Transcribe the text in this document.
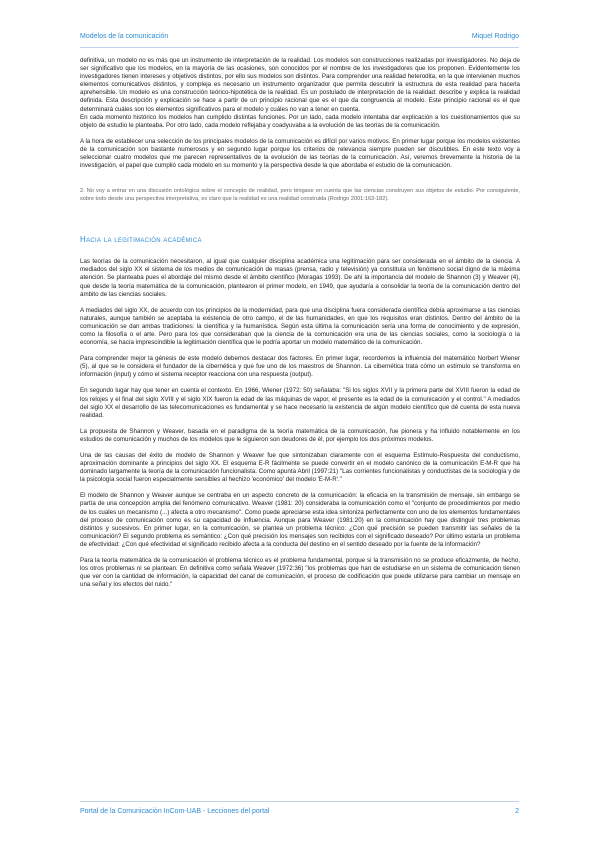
Modelos de la comunicación	Miquel Rodrigo

definitiva, un modelo no es más que un instrumento de interpretación de la realidad. Los modelos son construcciones realizadas por investigadores. No deja de ser significativo que los modelos, en la mayoría de las ocasiones, son conocidos por el nombre de los investigadores que los proponen. Evidentemente los investigadores tienen intereses y objetivos distintos, por ello sus modelos son distintos. Para comprender una realidad heterodita, en la que intervienen muchos elementos comunicativos distintos, y compleja es necesario un instrumento organizador que permita descubrir la estructura de esta realidad para hacerla aprehensible. Un modelo es una construcción teórico-hipotética de la realidad. Es un postulado de interpretación de la realidad: describe y explica la realidad definida. Esta descripción y explicación se hace a partir de un principio racional que es el que da congruencia al modelo. Este principio racional es el que determinará cuáles son los elementos significativos para el modelo y cuáles no van a tener en cuenta.

En cada momento histórico los modelos han cumplido distintas funciones. Por un lado, cada modelo intentaba dar explicación a los cuestionamientos que su objeto de estudio le planteaba. Por otro lado, cada modelo reflejaba y coadyuvaba a la evolución de las teorías de la comunicación.

A la hora de establecer una selección de los principales modelos de la comunicación es difícil por varios motivos. En primer lugar porque los modelos existentes de la comunicación son bastante numerosos y en segundo lugar porque los criterios de relevancia siempre pueden ser discutibles. En este texto voy a seleccionar cuatro modelos que me parecen representativos de la evolución de las teorías de la comunicación. Así, veremos brevemente la historia de la investigación, el papel que cumplió cada modelo en su momento y la perspectiva desde la que abordaba el estudio de la comunicación.

2. No voy a entrar en una discusión ontológica sobre el concepto de realidad, pero téngase en cuenta que las ciencias construyen sus objetos de estudio. Por consiguiente, sobre todo desde una perspectiva interpretativa, es claro que la realidad es una realidad construida (Rodrigo 2001:163-182).
Hacia la legitimación académica

Las teorías de la comunicación necesitaron, al igual que cualquier disciplina académica una legitimación para ser considerada en el ámbito de la ciencia. A mediados del siglo XX el sistema de los medios de comunicación de masas (prensa, radio y televisión) ya constituía un fenómeno social digno de la máxima atención. Se planteaba pues el abordaje del mismo desde el ámbito científico (Moragas 1993). De ahí la importancia del modelo de Shannon (3) y Weaver (4), que desde la teoría matemática de la comunicación, plantearon el primer modelo, en 1949, que ayudaría a consolidar la teoría de la comunicación dentro del ámbito de las ciencias sociales.

A mediados del siglo XX, de acuerdo con los principios de la modernidad, para que una disciplina fuera considerada científica debía aproximarse a las ciencias naturales, aunque también se aceptaba la existencia de otro campo, el de las humanidades, en que los requisitos eran distintos. Dentro del ámbito de la comunicación se dan ambas tradiciones: la científica y la humanística. Según esta última la comunicación sería una forma de conocimiento y de expresión, como la filosofía o el arte. Pero para los que consideraban que la ciencia de la comunicación era una de las ciencias sociales, como la sociología o la economía, se hacía imprescindible la legitimación científica que le podría aportar un modelo matemático de la comunicación.

Para comprender mejor la génesis de este modelo debemos destacar dos factores. En primer lugar, recordemos la influencia del matemático Norbert Wiener (5), al que se le considera el fundador de la cibernética y que fue uno de los maestros de Shannon. La cibernética trata cómo un estímulo se transforma en información (input) y cómo el sistema receptor reacciona con una respuesta (output).

En segundo lugar hay que tener en cuenta el contexto. En 1966, Wiener (1972: 50) señalaba: "Si los siglos XVII y la primera parte del XVIII fueron la edad de los relojes y el final del siglo XVIII y el siglo XIX fueron la edad de las máquinas de vapor, el presente es la edad de la comunicación y el control." A mediados del siglo XX el desarrollo de las telecomunicaciones es fundamental y se hace necesario la existencia de algún modelo científico que dé cuenta de esta nueva realidad.

La propuesta de Shannon y Weaver, basada en el paradigma de la teoría matemática de la comunicación, fue pionera y ha influido notablemente en los estudios de comunicación y muchos de los modelos que le siguieron son deudores de él, por ejemplo los dos próximos modelos.

Una de las causas del éxito de modelo de Shannon y Weaver fue que sintonizaban claramente con el esquema Estímulo-Respuesta del conductismo, aproximación dominante a principios del siglo XX. El esquema E-R fácilmente se puede convertir en el modelo canónico de la comunicación E-M-R que ha dominado largamente la teoría de la comunicación funcionalista. Como apunta Abril (1997:21) "Las corrientes funcionalistas y conductistas de la sociología y de la psicología social fueron especialmente sensibles al hechizo 'económico' del modelo 'E-M-R'."

El modelo de Shannon y Weaver aunque se centraba en un aspecto concreto de la comunicación: la eficacia en la transmisión de mensaje, sin embargo se partía de una concepción amplia del fenómeno comunicativo. Weaver (1981: 20) consideraba la comunicación como el "conjunto de procedimientos por medio de los cuales un mecanismo (...) afecta a otro mecanismo". Como puede apreciarse esta idea sintoniza perfectamente con uno de los elementos fundamentales del proceso de comunicación como es su capacidad de influencia. Aunque para Weaver (1981:20) en la comunicación hay que distinguir tres problemas distintos y sucesivos. En primer lugar, en la comunicación, se plantea un problema técnico: ¿Con qué precisión se pueden transmitir las señales de la comunicación? El segundo problema es semántico: ¿Con qué precisión los mensajes son recibidos con el significado deseado? Por último estaría un problema de efectividad: ¿Con qué efectividad el significado recibido afecta a la conducta del destino en el sentido deseado por la fuente de la información?

Para la teoría matemática de la comunicación el problema técnico es el problema fundamental, porque si la transmisión no se produce eficazmente, de hecho, los otros problemas ni se plantean. En definitiva como señala Weaver (1972:36) "los problemas que han de estudiarse en un sistema de comunicación tienen que ver con la cantidad de información, la capacidad del canal de comunicación, el proceso de codificación que puede utilizarse para cambiar un mensaje en una señal y los efectos del ruido."

Portal de la Comunicación InCom-UAB - Lecciones del portal	2
